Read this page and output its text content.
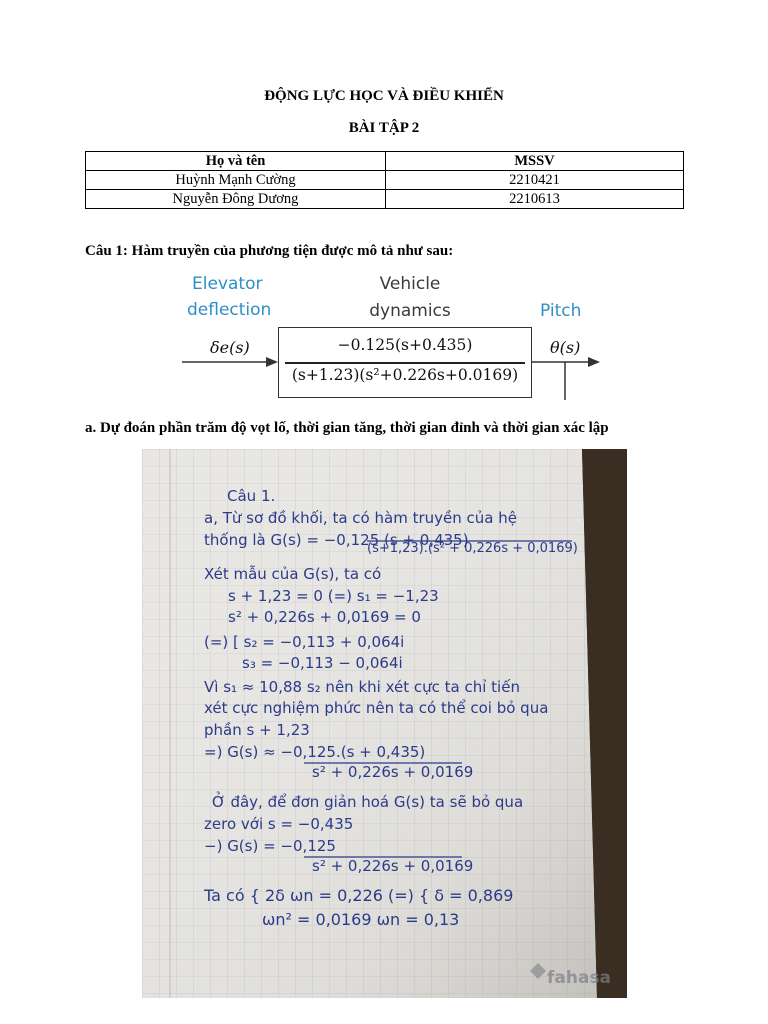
ĐỘNG LỰC HỌC VÀ ĐIỀU KHIỂN
BÀI TẬP 2
Họ và tên	MSSV
Huỳnh Mạnh Cường	2210421
Nguyễn Đông Dương	2210613
Câu 1: Hàm truyền của phương tiện được mô tả như sau:
Elevator
deflection
Vehicle
dynamics	Pitch
δe(s)	θ(s)
−0.125(s+0.435)
(s+1.23)(s²+0.226s+0.0169)
a. Dự đoán phần trăm độ vọt lố, thời gian tăng, thời gian đỉnh và thời gian xác lập
Câu 1.
a, Từ sơ đồ khối, ta có hàm truyền của hệ
thống là G(s) = −0,125 (s + 0,435)
(s+1,23).(s² + 0,226s + 0,0169)
Xét mẫu của G(s), ta có
s + 1,23 = 0 (=) s₁ = −1,23
s² + 0,226s + 0,0169 = 0
(=) [ s₂ = −0,113 + 0,064i
s₃ = −0,113 − 0,064i
Vì s₁ ≈ 10,88 s₂ nên khi xét cực ta chỉ tiến
xét cực nghiệm phức nên ta có thể coi bỏ qua
phần s + 1,23
=) G(s) ≈ −0,125.(s + 0,435)
s² + 0,226s + 0,0169
Ở đây, để đơn giản hoá G(s) ta sẽ bỏ qua
zero với s = −0,435
−) G(s) = −0,125
s² + 0,226s + 0,0169
Ta có { 2δ ωn = 0,226 (=) { δ = 0,869
ωn² = 0,0169 ωn = 0,13
fahasa
